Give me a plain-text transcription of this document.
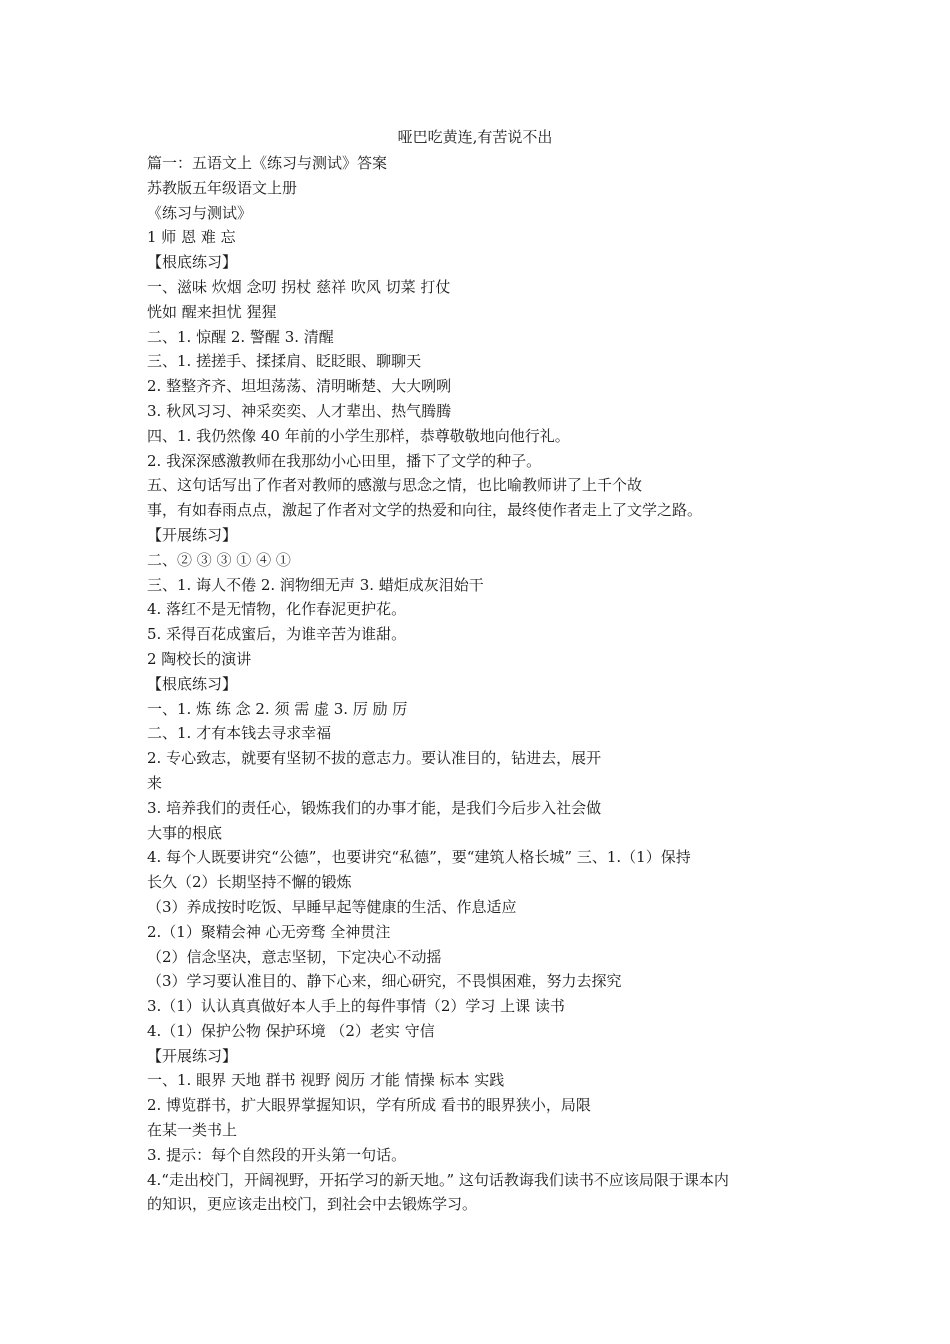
哑巴吃黄连,有苦说不出

篇一：五语文上《练习与测试》答案

苏教版五年级语文上册

《练习与测试》

1 师 恩 难 忘

【根底练习】

一、滋味 炊烟 念叨 拐杖 慈祥 吹风 切菜 打仗

恍如 醒来担忧 猩猩

二、1. 惊醒 2. 警醒 3. 清醒

三、1. 搓搓手、揉揉肩、眨眨眼、聊聊天

2. 整整齐齐、坦坦荡荡、清明晰楚、大大咧咧

3. 秋风习习、神采奕奕、人才辈出、热气腾腾

四、1. 我仍然像 40 年前的小学生那样，恭尊敬敬地向他行礼。

2. 我深深感激教师在我那幼小心田里，播下了文学的种子。

五、这句话写出了作者对教师的感激与思念之情，也比喻教师讲了上千个故

事，有如春雨点点，激起了作者对文学的热爱和向往，最终使作者走上了文学之路。

【开展练习】

二、② ③ ③ ① ④ ①

三、1. 诲人不倦 2. 润物细无声 3. 蜡炬成灰泪始干

4. 落红不是无情物，化作春泥更护花。

5. 采得百花成蜜后，为谁辛苦为谁甜。

2 陶校长的演讲

【根底练习】

一、1. 炼 练 念 2. 须 需 虚 3. 厉 励 厉

二、1. 才有本钱去寻求幸福

2. 专心致志，就要有坚韧不拔的意志力。要认准目的，钻进去，展开

来

3. 培养我们的责任心，锻炼我们的办事才能，是我们今后步入社会做

大事的根底

4. 每个人既要讲究“公德”，也要讲究“私德”，要“建筑人格长城” 三、1.（1）保持

长久（2）长期坚持不懈的锻炼

（3）养成按时吃饭、早睡早起等健康的生活、作息适应

2.（1）聚精会神 心无旁骛 全神贯注

（2）信念坚决，意志坚韧，下定决心不动摇

（3）学习要认准目的、静下心来，细心研究，不畏惧困难，努力去探究

3.（1）认认真真做好本人手上的每件事情（2）学习 上课 读书

4.（1）保护公物 保护环境 （2）老实 守信

【开展练习】

一、1. 眼界 天地 群书 视野 阅历 才能 情操 标本 实践

2. 博览群书，扩大眼界掌握知识，学有所成 看书的眼界狭小，局限

在某一类书上

3. 提示：每个自然段的开头第一句话。

4.“走出校门，开阔视野，开拓学习的新天地。” 这句话教诲我们读书不应该局限于课本内

的知识，更应该走出校门，到社会中去锻炼学习。
